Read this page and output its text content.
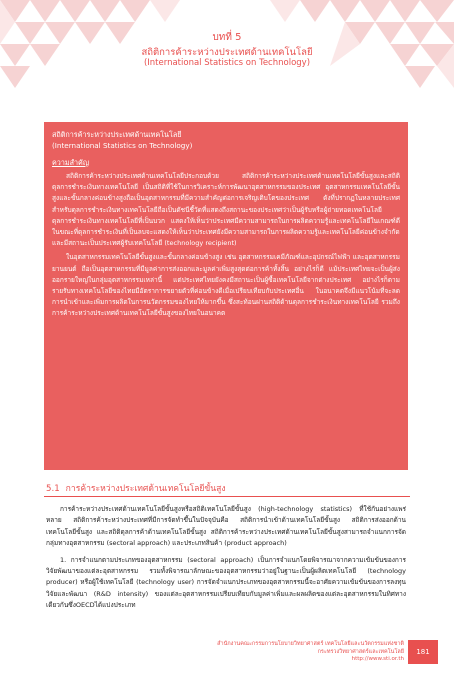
บทที่ 5
สถิติการค้าระหว่างประเทศด้านเทคโนโลยี
(International Statistics on Technology)
สถิติการค้าระหว่างประเทศด้านเทคโนโลยี
(International Statistics on Technology)
ความสำคัญ

สถิติการค้าระหว่างประเทศด้านเทคโนโลยีประกอบด้วย สถิติการค้าระหว่างประเทศด้านเทคโนโลยีขั้นสูงและสถิติดุลการชำระเงินทางเทคโนโลยี เป็นสถิติที่ใช้ในการวิเคราะห์การพัฒนาอุตสาหกรรมของประเทศ อุตสาหกรรมเทคโนโลยีขั้นสูงและขั้นกลางค่อนข้างสูงถือเป็นอุตสาหกรรมที่มีความสำคัญต่อการเจริญเติบโตของประเทศ ดังที่ปรากฏในหลายประเทศ สำหรับดุลการชำระเงินทางเทคโนโลยีถือเป็นดัชนีชี้วัดที่แสดงถึงสถานะของประเทศว่าเป็นผู้รับหรือผู้ถ่ายทอดเทคโนโลยี ดุลการชำระเงินทางเทคโนโลยีที่เป็นบวก แสดงให้เห็นว่าประเทศมีความสามารถในการผลิตความรู้และเทคโนโลยีในเกณฑ์ดี ในขณะที่ดุลการชำระเงินที่เป็นลบจะแสดงให้เห็นว่าประเทศยังมีความสามารถในการผลิตความรู้และเทคโนโลยีค่อนข้างจำกัด และมีสถานะเป็นประเทศผู้รับเทคโนโลยี (technology recipient)

ในอุตสาหกรรมเทคโนโลยีขั้นสูงและขั้นกลางค่อนข้างสูง เช่น อุตสาหกรรมเคมีภัณฑ์และอุปกรณ์ไฟฟ้า และอุตสาหกรรมยานยนต์ ถือเป็นอุตสาหกรรมที่มีมูลค่าการส่งออกและมูลค่าเพิ่มสูงสุดต่อการค้าทั้งสิ้น อย่างไรก็ดี แม้ประเทศไทยจะเป็นผู้ส่งออกรายใหญ่ในกลุ่มอุตสาหกรรมเหล่านี้ แต่ประเทศไทยยังคงมีสถานะเป็นผู้ซื้อเทคโนโลยีจากต่างประเทศ อย่างไรก็ตาม รายรับทางเทคโนโลยีของไทยมีอัตราการขยายตัวที่ค่อนข้างดีเมื่อเปรียบเทียบกับประเทศอื่น ในอนาคตจึงมีแนวโน้มที่จะลดการนำเข้าและเพิ่มการผลิตในการนวัตกรรมของไทยให้มากขึ้น ซึ่งสะท้อนผ่านสถิติด้านดุลการชำระเงินทางเทคโนโลยี รวมถึงการค้าระหว่างประเทศด้านเทคโนโลยีขั้นสูงของไทยในอนาคต

5.1 การค้าระหว่างประเทศด้านเทคโนโลยีขั้นสูง

การค้าระหว่างประเทศด้านเทคโนโลยีขั้นสูงหรือสถิติเทคโนโลยีขั้นสูง (high-technology statistics) ที่ใช้กันอย่างแพร่หลาย สถิติการค้าระหว่างประเทศที่มีการจัดทำขึ้นในปัจจุบันคือ สถิติการนำเข้าด้านเทคโนโลยีขั้นสูง สถิติการส่งออกด้านเทคโนโลยีขั้นสูง และสถิติดุลการค้าด้านเทคโนโลยีขั้นสูง สถิติการค้าระหว่างประเทศด้านเทคโนโลยีขั้นสูงสามารถจำแนกการจัดกลุ่มทางอุตสาหกรรม (sectoral approach) และประเภทสินค้า (product approach)

1. การจำแนกตามประเภทของอุตสาหกรรม (sectoral approach) เป็นการจำแนกโดยพิจารณาจากความเข้มข้นของการวิจัยพัฒนาของแต่ละอุตสาหกรรม รวมทั้งพิจารณาลักษณะของอุตสาหกรรมว่าอยู่ในฐานะเป็นผู้ผลิตเทคโนโลยี (technology producer) หรือผู้ใช้เทคโนโลยี (technology user) การจัดจำแนกประเภทของอุตสาหกรรมนี้จะอาศัยความเข้มข้นของการลงทุนวิจัยและพัฒนา (R&D intensity) ของแต่ละอุตสาหกรรมเปรียบเทียบกับมูลค่าเพิ่มและผลผลิตของแต่ละอุตสาหกรรมในทิศทางเดียวกันซึ่งOECDได้แบ่งประเภท

สำนักงานคณะกรรมการนโยบายวิทยาศาสตร์ เทคโนโลยีและนวัตกรรมแห่งชาติ
กระทรวงวิทยาศาสตร์และเทคโนโลยี
http://www.sti.or.th
181
